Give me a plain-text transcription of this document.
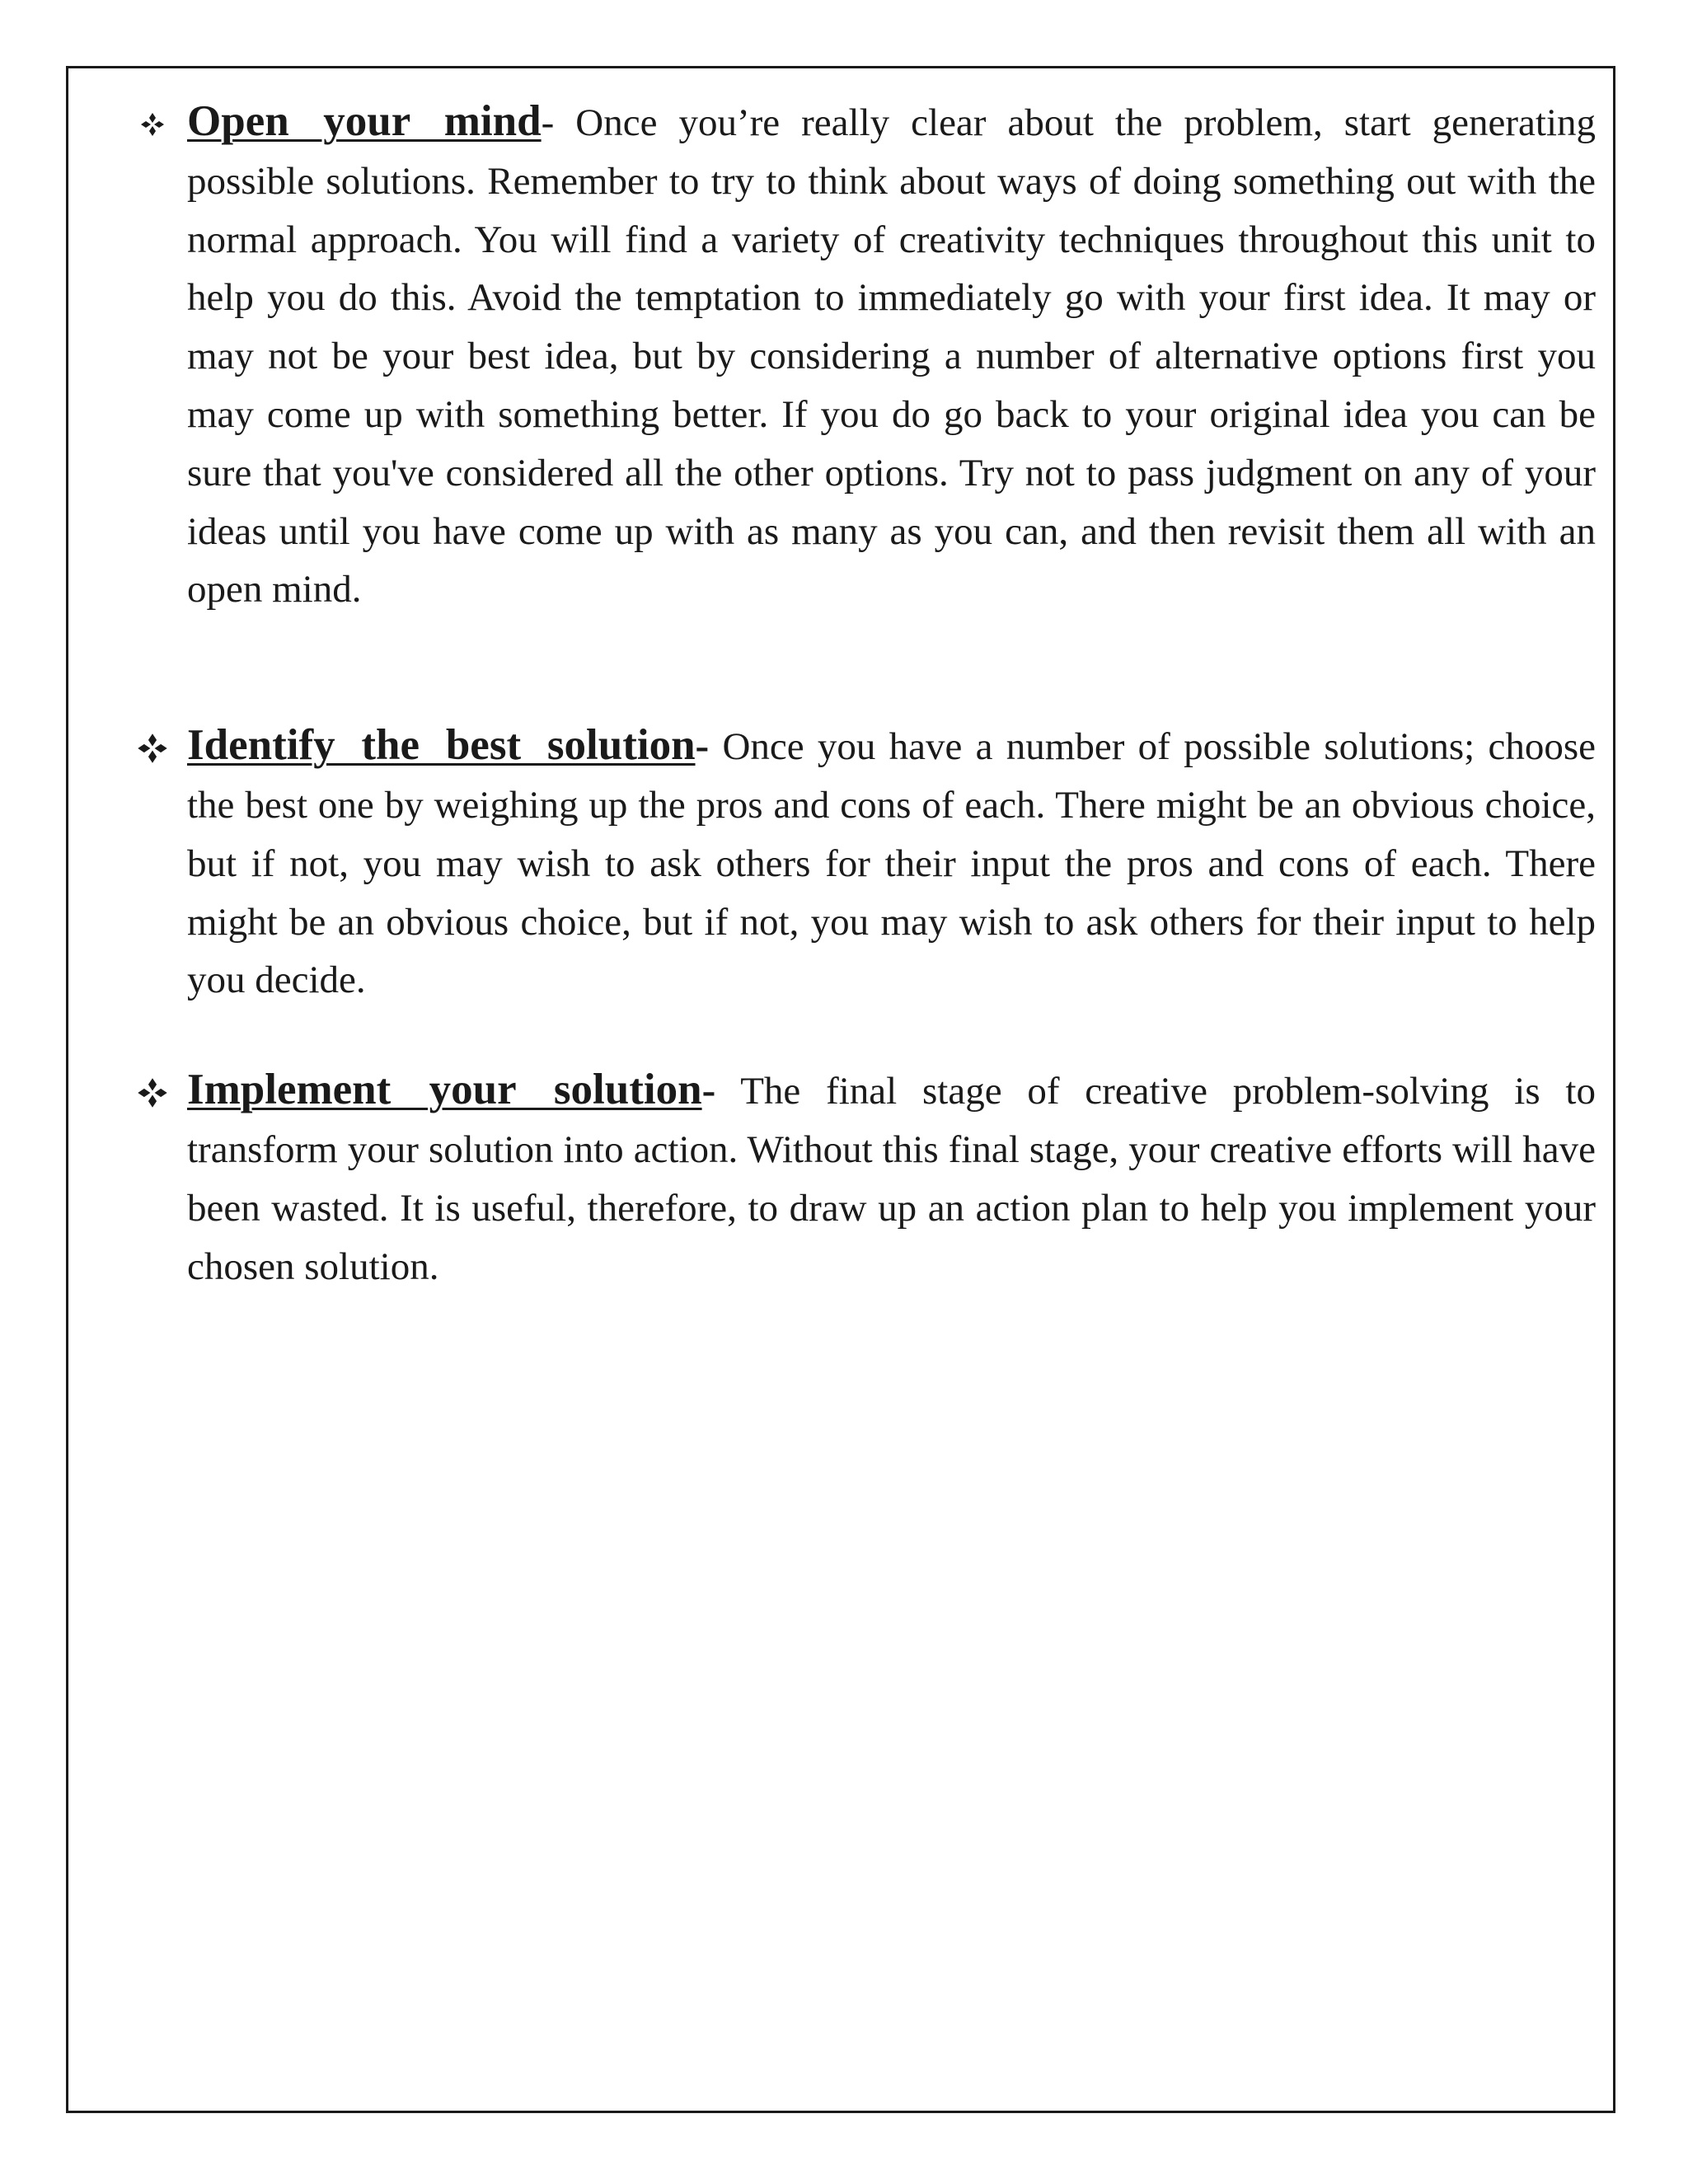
Open your mind- Once you’re really clear about the problem, start generating possible solutions. Remember to try to think about ways of doing something out with the normal approach. You will find a variety of creativity techniques throughout this unit to help you do this. Avoid the temptation to immediately go with your first idea. It may or may not be your best idea, but by considering a number of alternative options first you may come up with something better. If you do go back to your original idea you can be sure that you've considered all the other options. Try not to pass judgment on any of your ideas until you have come up with as many as you can, and then revisit them all with an open mind.
Identify the best solution- Once you have a number of possible solutions; choose the best one by weighing up the pros and cons of each. There might be an obvious choice, but if not, you may wish to ask others for their input the pros and cons of each. There might be an obvious choice, but if not, you may wish to ask others for their input to help you decide.
Implement your solution- The final stage of creative problem-solving is to transform your solution into action. Without this final stage, your creative efforts will have been wasted. It is useful, therefore, to draw up an action plan to help you implement your chosen solution.
